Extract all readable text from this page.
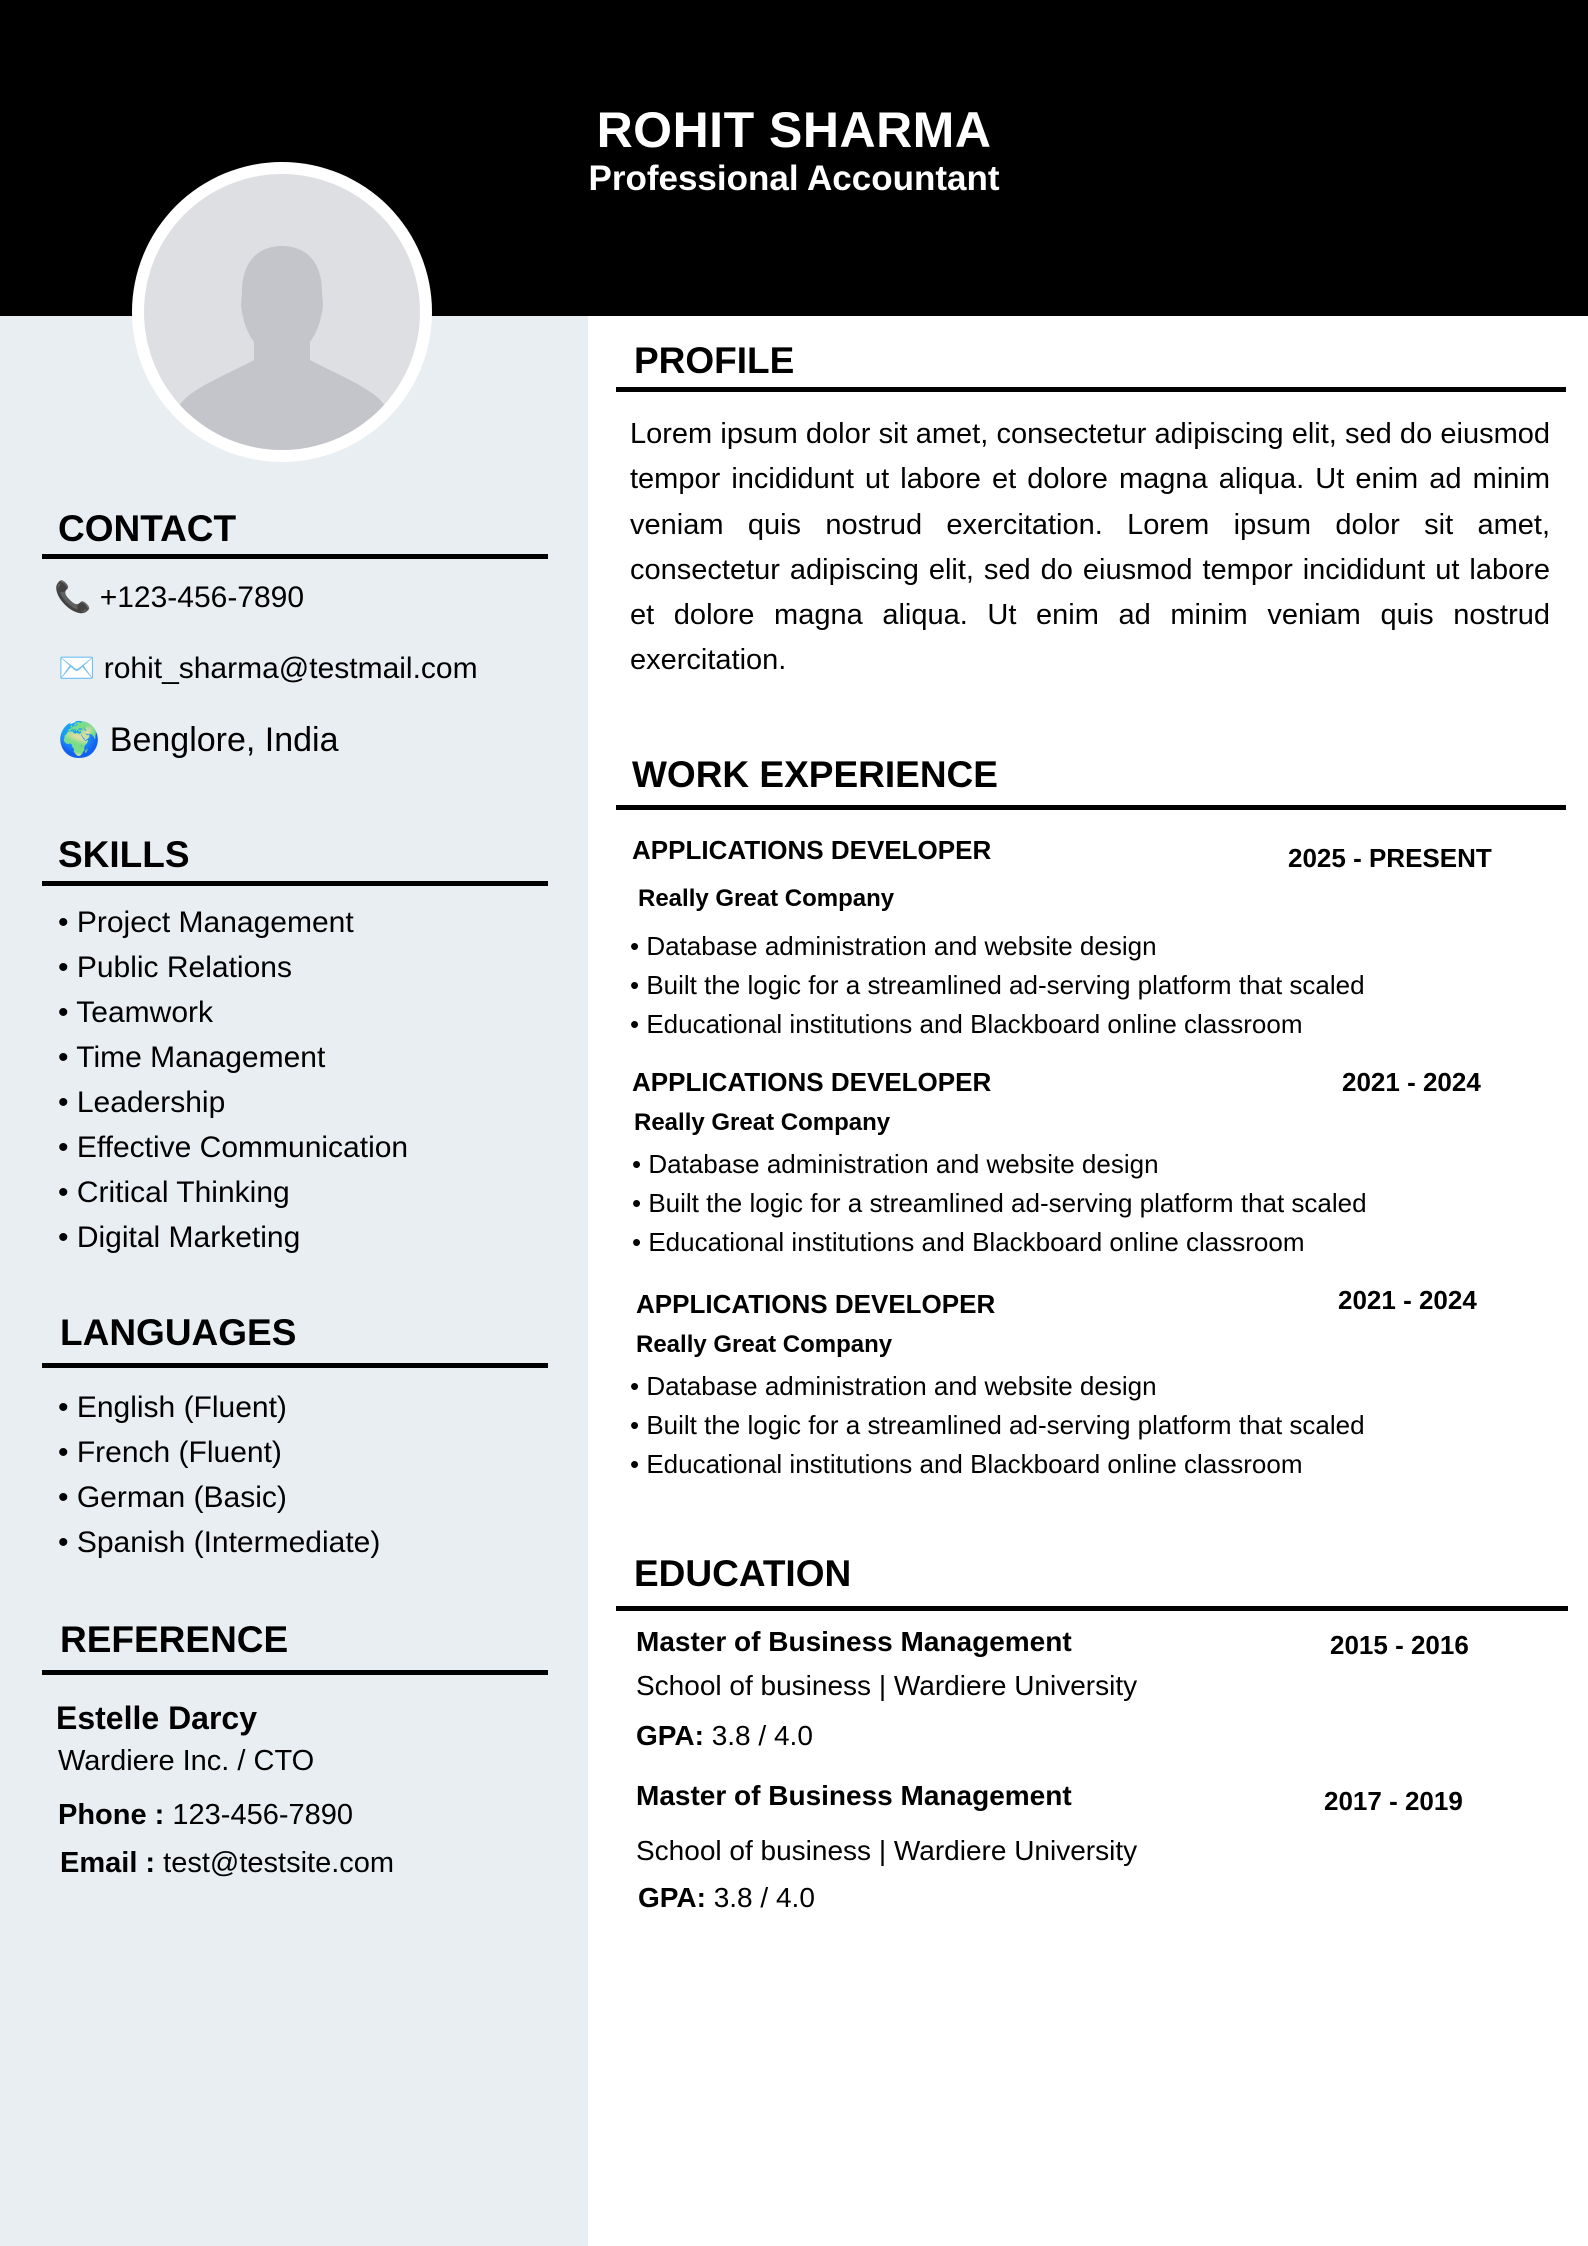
ROHIT SHARMA
Professional Accountant
CONTACT
📞 +123-456-7890
✉️ rohit_sharma@testmail.com
🌍 Benglore, India
SKILLS
• Project Management
• Public Relations
• Teamwork
• Time Management
• Leadership
• Effective Communication
• Critical Thinking
• Digital Marketing
LANGUAGES
• English (Fluent)
• French (Fluent)
• German (Basic)
• Spanish (Intermediate)
REFERENCE
Estelle Darcy
Wardiere Inc. / CTO
Phone : 123-456-7890
Email : test@testsite.com
PROFILE
Lorem ipsum dolor sit amet, consectetur adipiscing elit, sed do eiusmod tempor incididunt ut labore et dolore magna aliqua. Ut enim ad minim veniam quis nostrud exercitation. Lorem ipsum dolor sit amet, consectetur adipiscing elit, sed do eiusmod tempor incididunt ut labore et dolore magna aliqua. Ut enim ad minim veniam quis nostrud exercitation.
WORK EXPERIENCE
APPLICATIONS DEVELOPER	2025 - PRESENT
Really Great Company
• Database administration and website design
• Built the logic for a streamlined ad-serving platform that scaled
• Educational institutions and Blackboard online classroom
APPLICATIONS DEVELOPER	2021 - 2024
Really Great Company
• Database administration and website design
• Built the logic for a streamlined ad-serving platform that scaled
• Educational institutions and Blackboard online classroom
APPLICATIONS DEVELOPER	2021 - 2024
Really Great Company
• Database administration and website design
• Built the logic for a streamlined ad-serving platform that scaled
• Educational institutions and Blackboard online classroom
EDUCATION
Master of Business Management	2015 - 2016
School of business | Wardiere University
GPA: 3.8 / 4.0
Master of Business Management	2017 - 2019
School of business | Wardiere University
GPA: 3.8 / 4.0
